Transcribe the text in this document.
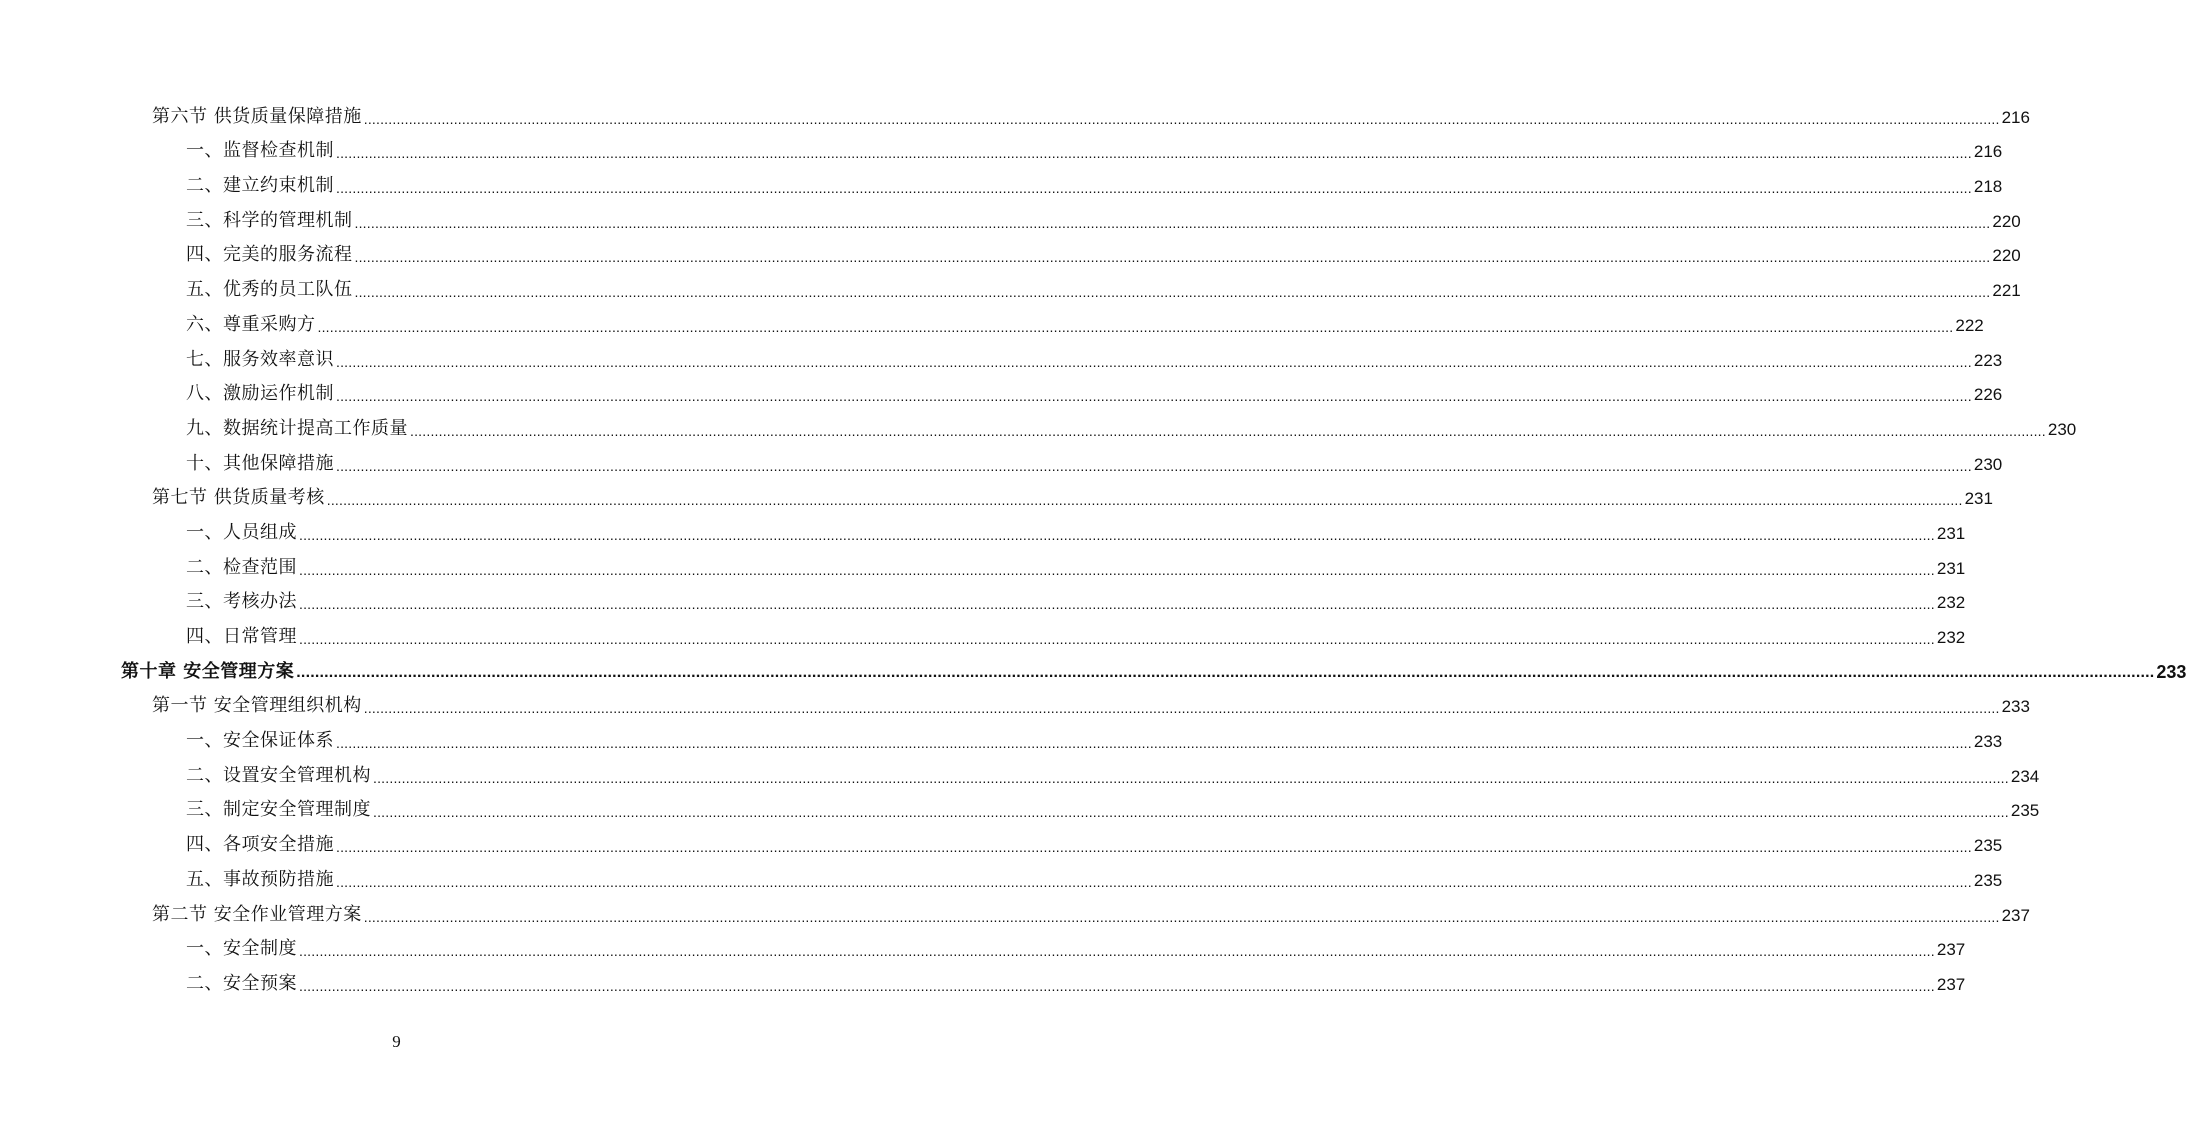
第六节 供货质量保障措施 ................................................................................................................................................................................................................................................................................................................................................................................................................ 216
一、监督检查机制 ................................................................................................................................................................................................................................................................................................................................................................................................................ 216
二、建立约束机制 ................................................................................................................................................................................................................................................................................................................................................................................................................ 218
三、科学的管理机制 ................................................................................................................................................................................................................................................................................................................................................................................................................ 220
四、完美的服务流程 ................................................................................................................................................................................................................................................................................................................................................................................................................ 220
五、优秀的员工队伍 ................................................................................................................................................................................................................................................................................................................................................................................................................ 221
六、尊重采购方 ................................................................................................................................................................................................................................................................................................................................................................................................................ 222
七、服务效率意识 ................................................................................................................................................................................................................................................................................................................................................................................................................ 223
八、激励运作机制 ................................................................................................................................................................................................................................................................................................................................................................................................................ 226
九、数据统计提高工作质量 ................................................................................................................................................................................................................................................................................................................................................................................................................ 230
十、其他保障措施 ................................................................................................................................................................................................................................................................................................................................................................................................................ 230
第七节 供货质量考核 ................................................................................................................................................................................................................................................................................................................................................................................................................ 231
一、人员组成 ................................................................................................................................................................................................................................................................................................................................................................................................................ 231
二、检查范围 ................................................................................................................................................................................................................................................................................................................................................................................................................ 231
三、考核办法 ................................................................................................................................................................................................................................................................................................................................................................................................................ 232
四、日常管理 ................................................................................................................................................................................................................................................................................................................................................................................................................ 232
第十章 安全管理方案 ................................................................................................................................................................................................................................................................................................................................................................................................................ 233
第一节 安全管理组织机构 ................................................................................................................................................................................................................................................................................................................................................................................................................ 233
一、安全保证体系 ................................................................................................................................................................................................................................................................................................................................................................................................................ 233
二、设置安全管理机构 ................................................................................................................................................................................................................................................................................................................................................................................................................ 234
三、制定安全管理制度 ................................................................................................................................................................................................................................................................................................................................................................................................................ 235
四、各项安全措施 ................................................................................................................................................................................................................................................................................................................................................................................................................ 235
五、事故预防措施 ................................................................................................................................................................................................................................................................................................................................................................................................................ 235
第二节 安全作业管理方案 ................................................................................................................................................................................................................................................................................................................................................................................................................ 237
一、安全制度 ................................................................................................................................................................................................................................................................................................................................................................................................................ 237
二、安全预案 ................................................................................................................................................................................................................................................................................................................................................................................................................ 237
9
